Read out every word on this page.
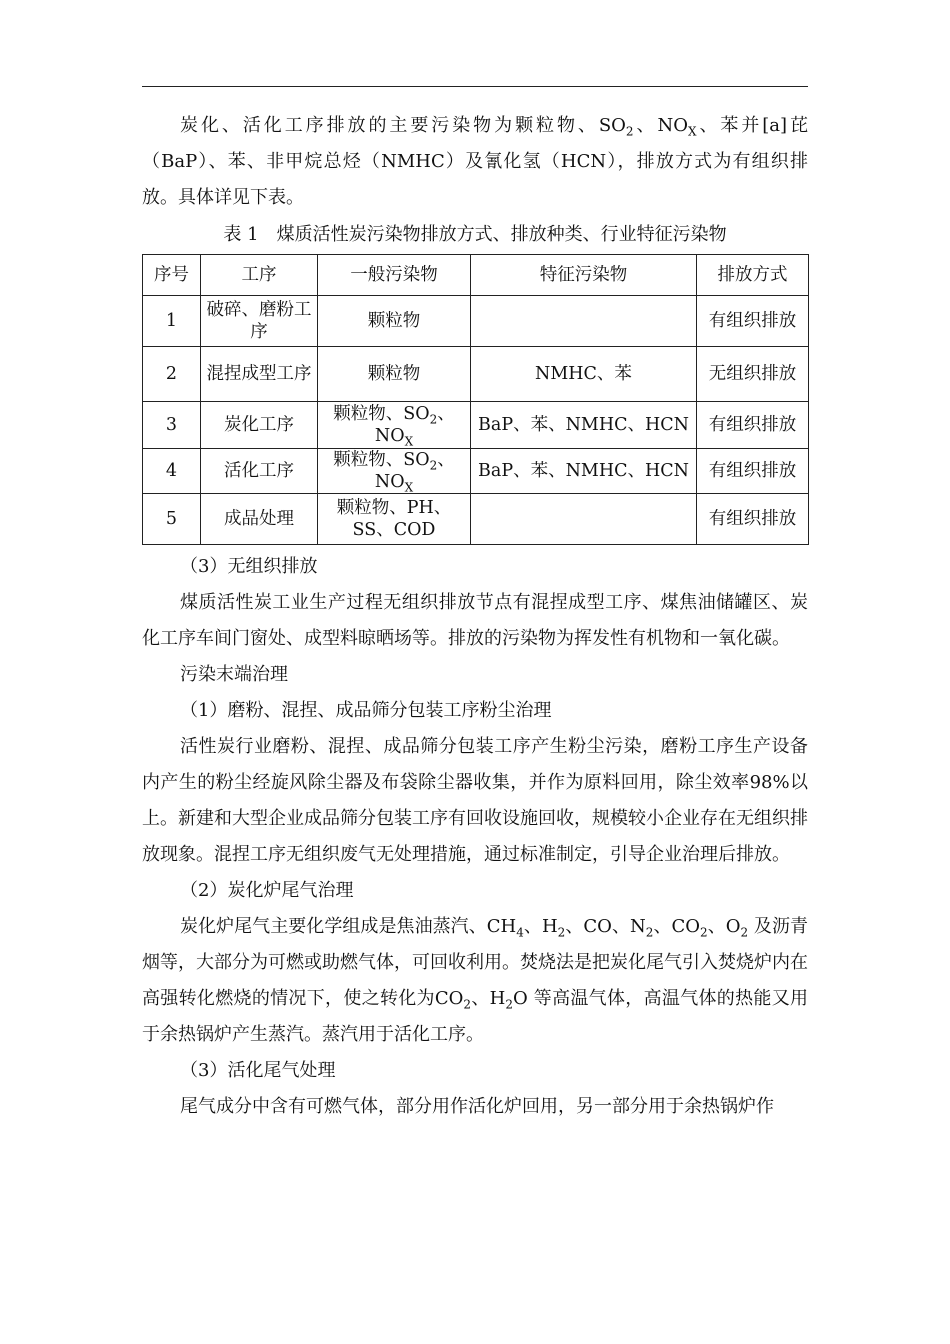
炭化、活化工序排放的主要污染物为颗粒物、$SO_2$、$NO_X$、苯并[a]芘（BaP）、苯、非甲烷总烃（NMHC）及氰化氢（HCN），排放方式为有组织排放。具体详见下表。

表 1　煤质活性炭污染物排放方式、排放种类、行业特征污染物

序号	工序	一般污染物	特征污染物	排放方式
1	破碎、磨粉工序	颗粒物		有组织排放
2	混捏成型工序	颗粒物	NMHC、苯	无组织排放
3	炭化工序	颗粒物、$SO_2$、$NO_X$	BaP、苯、NMHC、HCN	有组织排放
4	活化工序	颗粒物、$SO_2$、$NO_X$	BaP、苯、NMHC、HCN	有组织排放
5	成品处理	颗粒物、PH、SS、COD		有组织排放

（3）无组织排放

煤质活性炭工业生产过程无组织排放节点有混捏成型工序、煤焦油储罐区、炭化工序车间门窗处、成型料晾晒场等。排放的污染物为挥发性有机物和一氧化碳。

污染末端治理

（1）磨粉、混捏、成品筛分包装工序粉尘治理

活性炭行业磨粉、混捏、成品筛分包装工序产生粉尘污染，磨粉工序生产设备内产生的粉尘经旋风除尘器及布袋除尘器收集，并作为原料回用，除尘效率98%以上。新建和大型企业成品筛分包装工序有回收设施回收，规模较小企业存在无组织排放现象。混捏工序无组织废气无处理措施，通过标准制定，引导企业治理后排放。

（2）炭化炉尾气治理

炭化炉尾气主要化学组成是焦油蒸汽、$CH_4$、$H_2$、CO、$N_2$、$CO_2$、$O_2$ 及沥青烟等，大部分为可燃或助燃气体，可回收利用。焚烧法是把炭化尾气引入焚烧炉内在高强转化燃烧的情况下，使之转化为$CO_2$、$H_2O$ 等高温气体，高温气体的热能又用于余热锅炉产生蒸汽。蒸汽用于活化工序。

（3）活化尾气处理

尾气成分中含有可燃气体，部分用作活化炉回用，另一部分用于余热锅炉作
